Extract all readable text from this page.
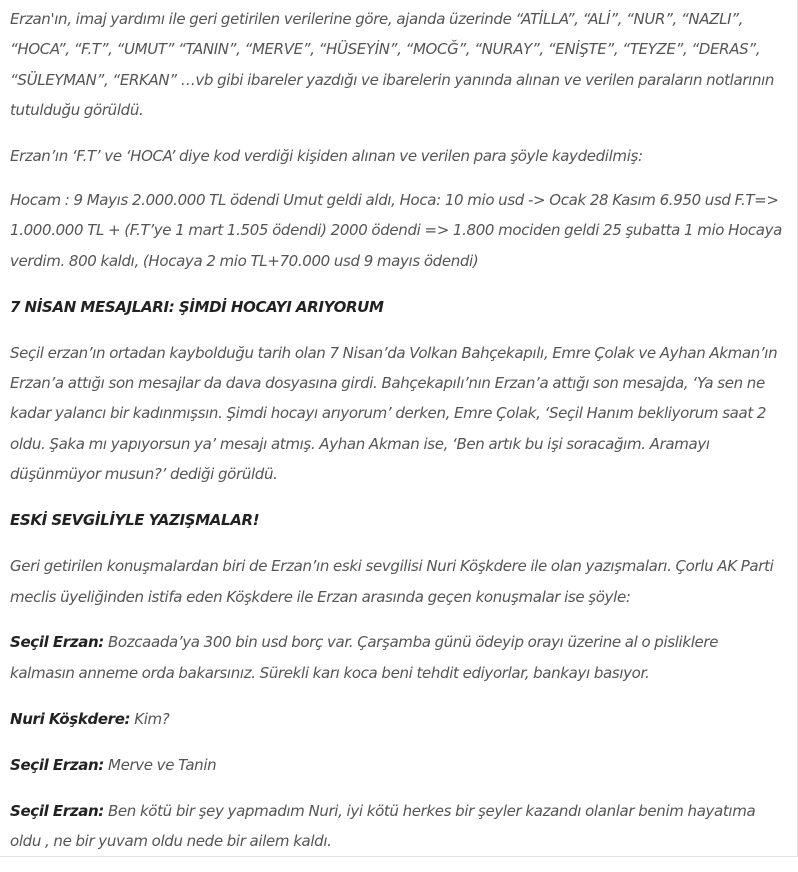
Erzan'ın, imaj yardımı ile geri getirilen verilerine göre, ajanda üzerinde “ATİLLA”, “ALİ”, “NUR”, “NAZLI”, “HOCA”, “F.T”, “UMUT” “TANIN”, “MERVE”, “HÜSEYİN”, “MOCĞ”, “NURAY”, “ENİŞTE”, “TEYZE”, “DERAS”, “SÜLEYMAN”, “ERKAN” …vb gibi ibareler yazdığı ve ibarelerin yanında alınan ve verilen paraların notlarının tutulduğu görüldü.

Erzan’ın ‘F.T’ ve ‘HOCA’ diye kod verdiği kişiden alınan ve verilen para şöyle kaydedilmiş:

Hocam : 9 Mayıs 2.000.000 TL ödendi Umut geldi aldı, Hoca: 10 mio usd -> Ocak 28 Kasım 6.950 usd F.T=> 1.000.000 TL + (F.T’ye 1 mart 1.505 ödendi) 2000 ödendi => 1.800 mociden geldi 25 şubatta 1 mio Hocaya verdim. 800 kaldı, (Hocaya 2 mio TL+70.000 usd 9 mayıs ödendi)

7 NİSAN MESAJLARI: ŞİMDİ HOCAYI ARIYORUM

Seçil erzan’ın ortadan kaybolduğu tarih olan 7 Nisan’da Volkan Bahçekapılı, Emre Çolak ve Ayhan Akman’ın Erzan’a attığı son mesajlar da dava dosyasına girdi. Bahçekapılı’nın Erzan’a attığı son mesajda, ‘Ya sen ne kadar yalancı bir kadınmışsın. Şimdi hocayı arıyorum’ derken, Emre Çolak, ‘Seçil Hanım bekliyorum saat 2 oldu. Şaka mı yapıyorsun ya’ mesajı atmış. Ayhan Akman ise, ‘Ben artık bu işi soracağım. Aramayı düşünmüyor musun?’ dediği görüldü.

ESKİ SEVGİLİYLE YAZIŞMALAR!

Geri getirilen konuşmalardan biri de Erzan’ın eski sevgilisi Nuri Köşkdere ile olan yazışmaları. Çorlu AK Parti meclis üyeliğinden istifa eden Köşkdere ile Erzan arasında geçen konuşmalar ise şöyle:

Seçil Erzan: Bozcaada’ya 300 bin usd borç var. Çarşamba günü ödeyip orayı üzerine al o pisliklere kalmasın anneme orda bakarsınız. Sürekli karı koca beni tehdit ediyorlar, bankayı basıyor.

Nuri Köşkdere: Kim?

Seçil Erzan: Merve ve Tanin

Seçil Erzan: Ben kötü bir şey yapmadım Nuri, iyi kötü herkes bir şeyler kazandı olanlar benim hayatıma oldu , ne bir yuvam oldu nede bir ailem kaldı.
